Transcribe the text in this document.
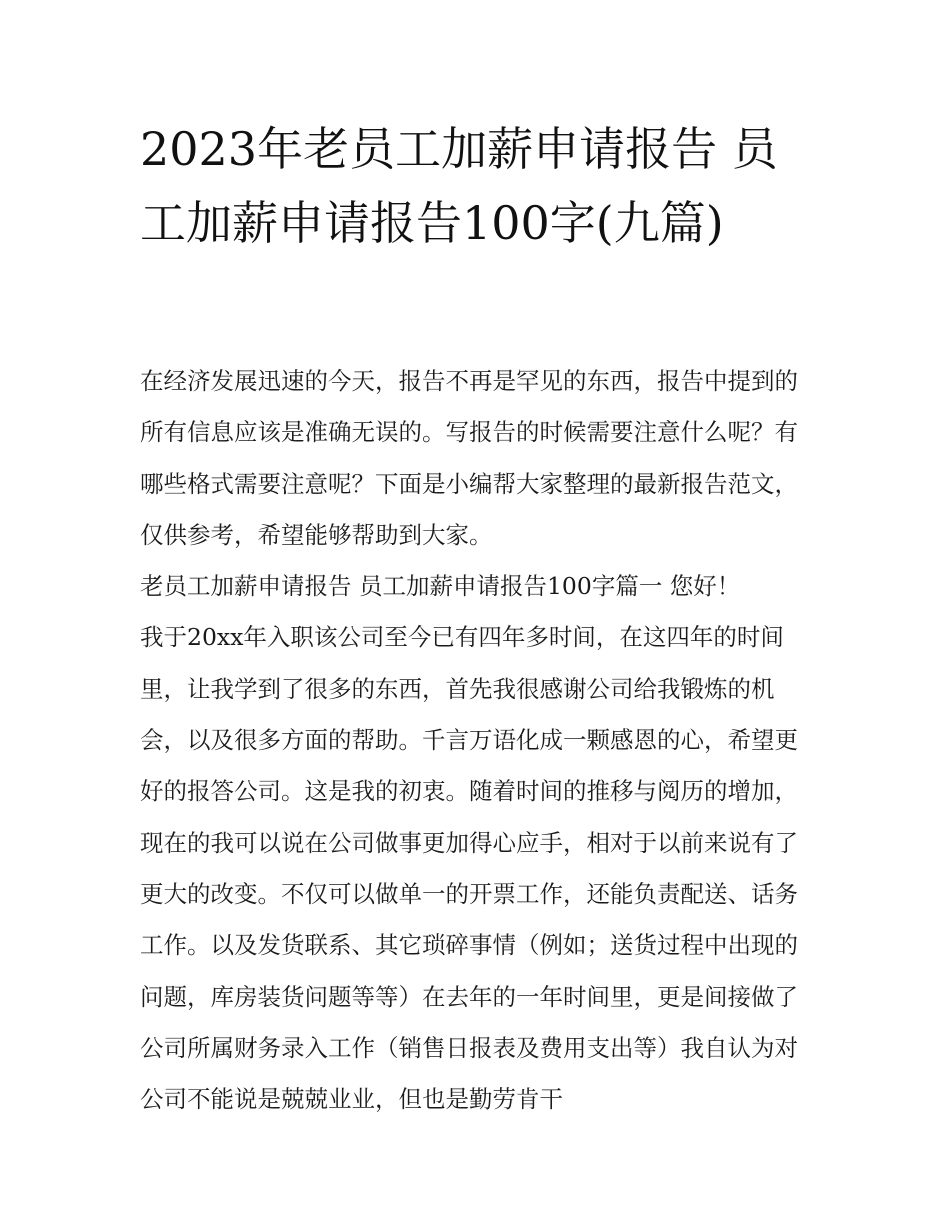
2023年老员工加薪申请报告 员工加薪申请报告100字(九篇)

在经济发展迅速的今天，报告不再是罕见的东西，报告中提到的所有信息应该是准确无误的。写报告的时候需要注意什么呢？有哪些格式需要注意呢？下面是小编帮大家整理的最新报告范文，仅供参考，希望能够帮助到大家。

老员工加薪申请报告 员工加薪申请报告100字篇一 您好！

我于20xx年入职该公司至今已有四年多时间，在这四年的时间里，让我学到了很多的东西，首先我很感谢公司给我锻炼的机会，以及很多方面的帮助。千言万语化成一颗感恩的心，希望更好的报答公司。这是我的初衷。随着时间的推移与阅历的增加，现在的我可以说在公司做事更加得心应手，相对于以前来说有了更大的改变。不仅可以做单一的开票工作，还能负责配送、话务工作。以及发货联系、其它琐碎事情（例如；送货过程中出现的问题，库房装货问题等等）在去年的一年时间里，更是间接做了公司所属财务录入工作（销售日报表及费用支出等）我自认为对公司不能说是兢兢业业，但也是勤劳肯干
